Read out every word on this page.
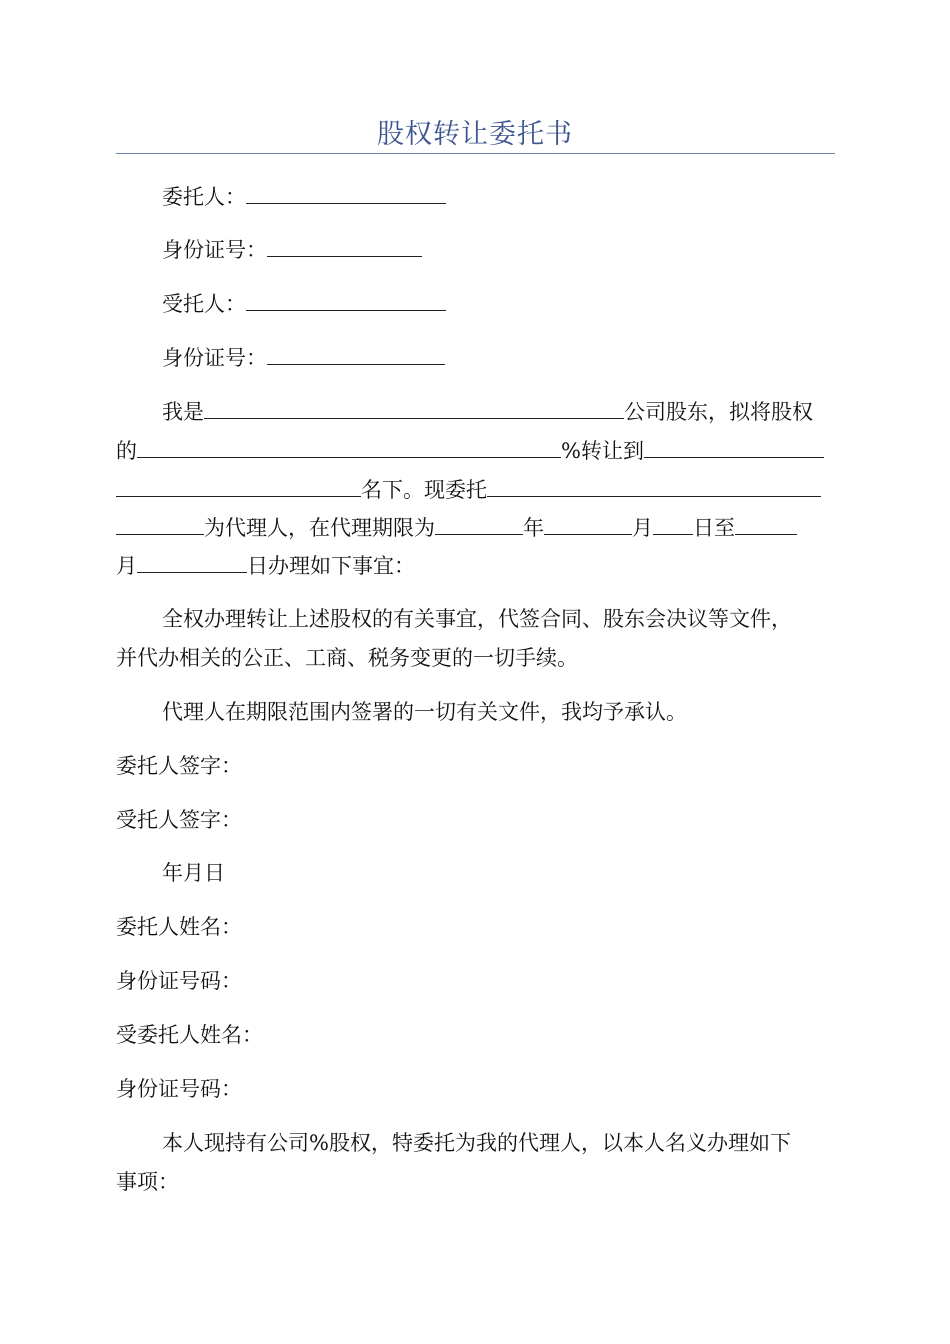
股权转让委托书
委托人：
身份证号：
受托人：
身份证号：
我是	公司股东，拟将股权
的	%转让到
名下。现委托
为代理人，在代理期限为	年	月 日至
月	日办理如下事宜：
全权办理转让上述股权的有关事宜，代签合同、股东会决议等文件，
并代办相关的公正、工商、税务变更的一切手续。
代理人在期限范围内签署的一切有关文件，我均予承认。
委托人签字：
受托人签字：
年月日
委托人姓名：
身份证号码：
受委托人姓名：
身份证号码：
本人现持有公司%股权，特委托为我的代理人，以本人名义办理如下
事项：
